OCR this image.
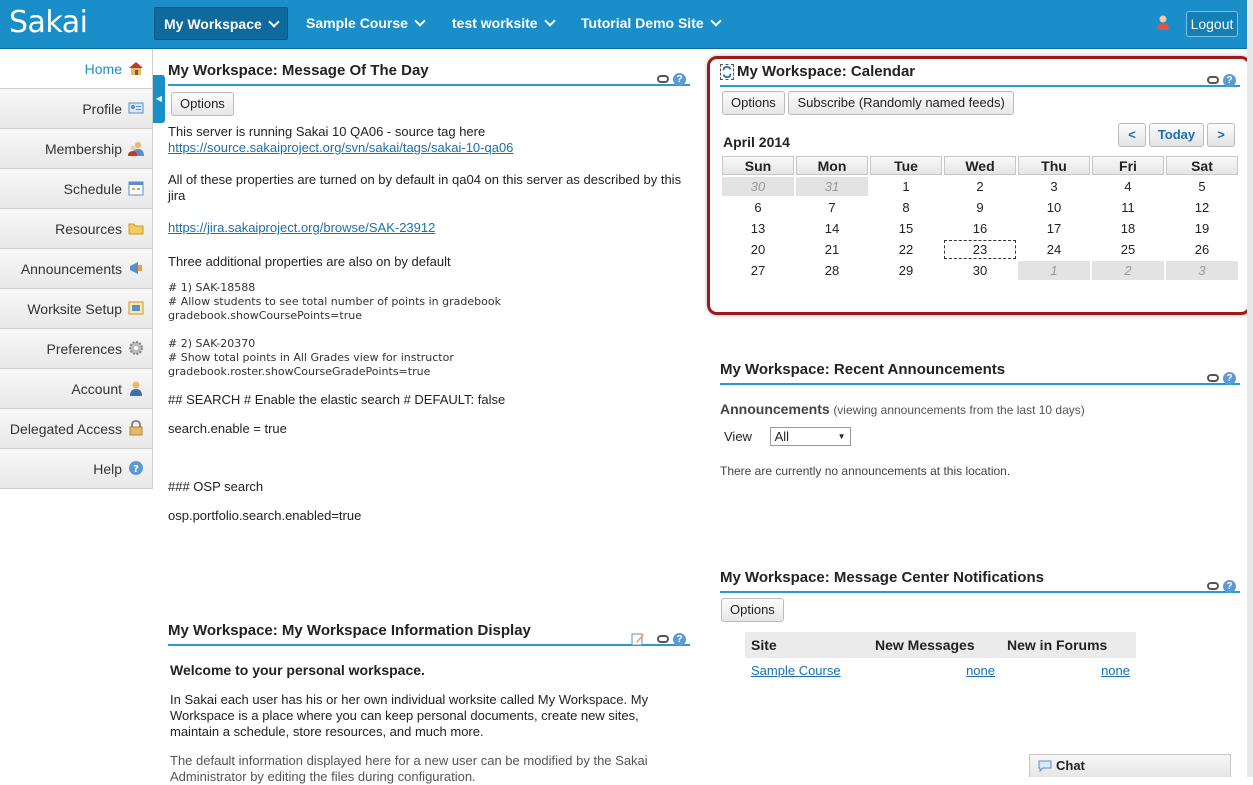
Sakai	My Workspace	Sample Course	test worksite	Tutorial Demo Site	Logout
Home
Profile
Membership
Schedule
Resources
Announcements
Worksite Setup
Preferences
Account
Delegated Access
Help ?
◀
My Workspace: Message Of The Day
?
Options

This server is running Sakai 10 QA06 - source tag here

https://source.sakaiproject.org/svn/sakai/tags/sakai-10-qa06

All of these properties are turned on by default in qa04 on this server as described by this jira

https://jira.sakaiproject.org/browse/SAK-23912

Three additional properties are also on by default

# 1) SAK-18588
# Allow students to see total number of points in gradebook
gradebook.showCoursePoints=true
# 2) SAK-20370
# Show total points in All Grades view for instructor
gradebook.roster.showCourseGradePoints=true

## SEARCH # Enable the elastic search # DEFAULT: false

search.enable = true

### OSP search

osp.portfolio.search.enabled=true

My Workspace: My Workspace Information Display
?
Welcome to your personal workspace.

In Sakai each user has his or her own individual worksite called My Workspace. My Workspace is a place where you can keep personal documents, create new sites, maintain a schedule, store resources, and much more.

The default information displayed here for a new user can be modified by the Sakai Administrator by editing the files during configuration.

My Workspace: Calendar
?
Options Subscribe (Randomly named feeds)
April 2014	<	Today	>
Sun	Mon	Tue	Wed	Thu	Fri	Sat
30	31	1	2	3	4	5
6	7	8	9	10	11	12
13	14	15	16	17	18	19
20	21	22	23	24	25	26
27	28	29	30	1	2	3
My Workspace: Recent Announcements
?
Announcements (viewing announcements from the last 10 days)
View All	▼
There are currently no announcements at this location.
My Workspace: Message Center Notifications
?
Options
Site	New Messages	New in Forums
Sample Course	none	none
Chat
